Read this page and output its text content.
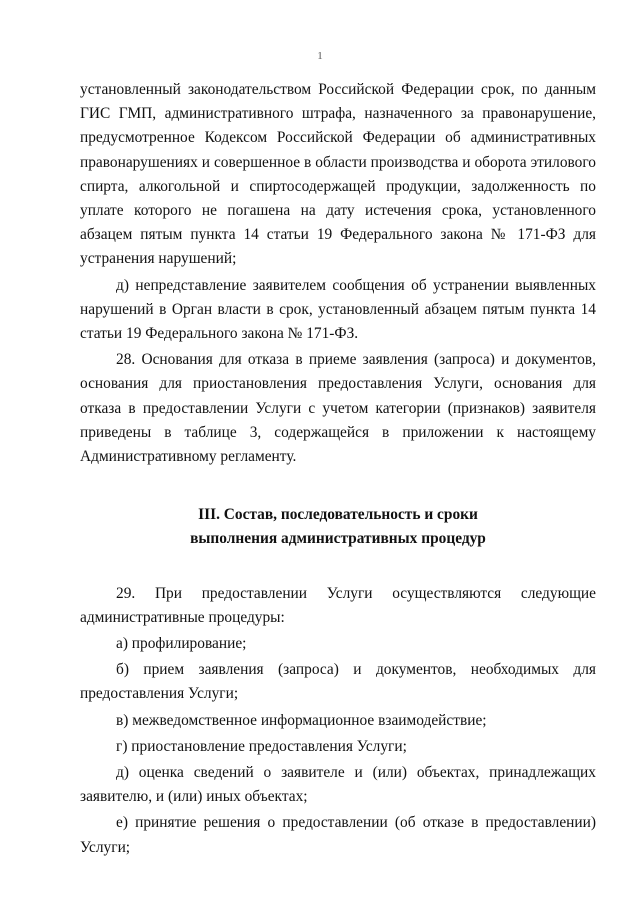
1

установленный законодательством Российской Федерации срок, по данным ГИС ГМП, административного штрафа, назначенного за правонарушение, предусмотренное Кодексом Российской Федерации об административных правонарушениях и совершенное в области производства и оборота этилового спирта, алкогольной и спиртосодержащей продукции, задолженность по уплате которого не погашена на дату истечения срока, установленного абзацем пятым пункта 14 статьи 19 Федерального закона № 171-ФЗ для устранения нарушений;

д) непредставление заявителем сообщения об устранении выявленных нарушений в Орган власти в срок, установленный абзацем пятым пункта 14 статьи 19 Федерального закона № 171-ФЗ.

28. Основания для отказа в приеме заявления (запроса) и документов, основания для приостановления предоставления Услуги, основания для отказа в предоставлении Услуги с учетом категории (признаков) заявителя приведены в таблице 3, содержащейся в приложении к настоящему Административному регламенту.

III. Состав, последовательность и сроки
выполнения административных процедур

29. При предоставлении Услуги осуществляются следующие административные процедуры:

а) профилирование;

б) прием заявления (запроса) и документов, необходимых для предоставления Услуги;

в) межведомственное информационное взаимодействие;

г) приостановление предоставления Услуги;

д) оценка сведений о заявителе и (или) объектах, принадлежащих заявителю, и (или) иных объектах;

е) принятие решения о предоставлении (об отказе в предоставлении) Услуги;
